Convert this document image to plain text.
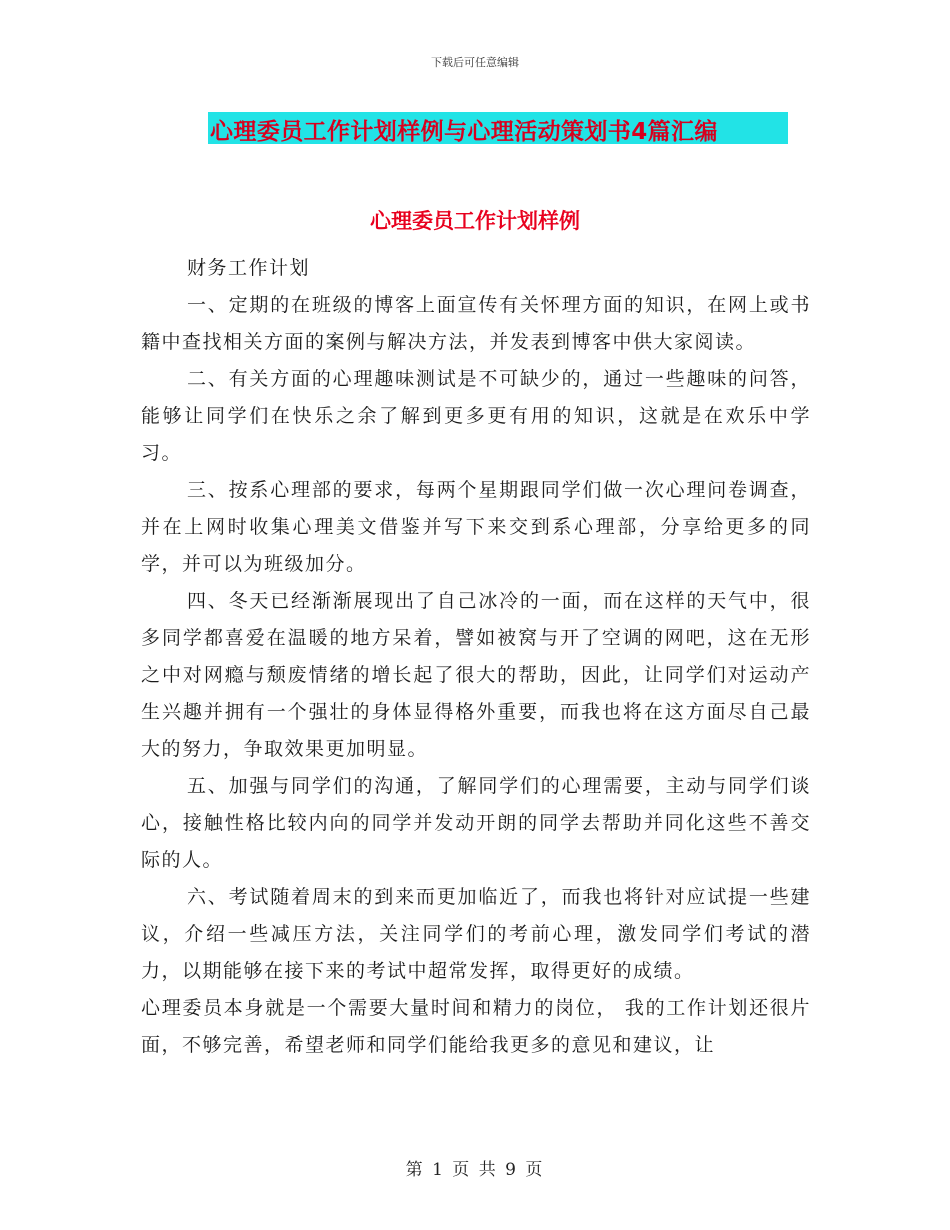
下载后可任意编辑
心理委员工作计划样例与心理活动策划书4篇汇编
心理委员工作计划样例

财务工作计划

一、定期的在班级的博客上面宣传有关怀理方面的知识，在网上或书籍中查找相关方面的案例与解决方法，并发表到博客中供大家阅读。

二、有关方面的心理趣味测试是不可缺少的，通过一些趣味的问答，能够让同学们在快乐之余了解到更多更有用的知识，这就是在欢乐中学习。

三、按系心理部的要求，每两个星期跟同学们做一次心理问卷调查，并在上网时收集心理美文借鉴并写下来交到系心理部，分享给更多的同学，并可以为班级加分。

四、冬天已经渐渐展现出了自己冰冷的一面，而在这样的天气中，很多同学都喜爱在温暖的地方呆着，譬如被窝与开了空调的网吧，这在无形之中对网瘾与颓废情绪的增长起了很大的帮助，因此，让同学们对运动产生兴趣并拥有一个强壮的身体显得格外重要，而我也将在这方面尽自己最大的努力，争取效果更加明显。

五、加强与同学们的沟通，了解同学们的心理需要，主动与同学们谈心，接触性格比较内向的同学并发动开朗的同学去帮助并同化这些不善交际的人。

六、考试随着周末的到来而更加临近了，而我也将针对应试提一些建议，介绍一些减压方法，关注同学们的考前心理，激发同学们考试的潜力，以期能够在接下来的考试中超常发挥，取得更好的成绩。

心理委员本身就是一个需要大量时间和精力的岗位， 我的工作计划还很片面，不够完善，希望老师和同学们能给我更多的意见和建议，让

第 1 页 共 9 页
